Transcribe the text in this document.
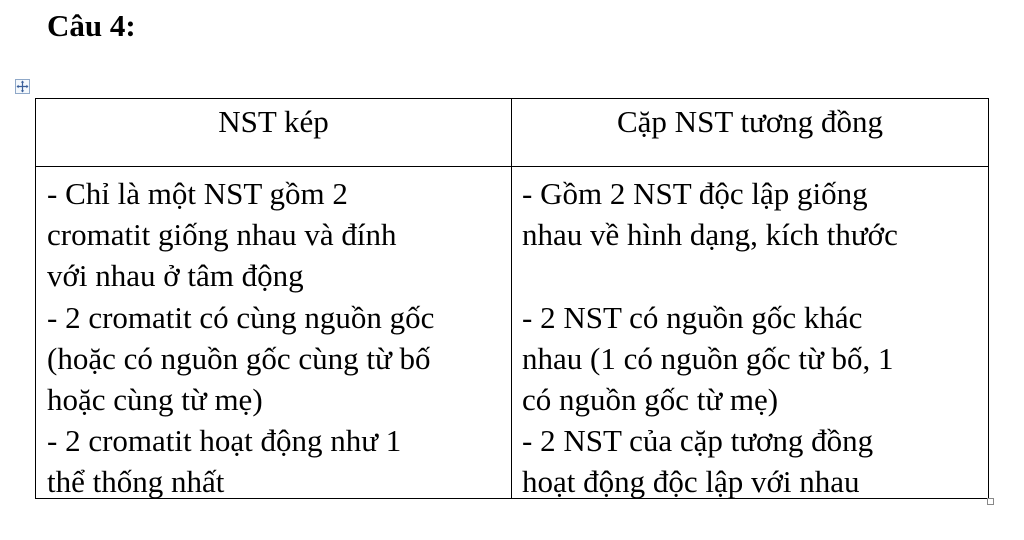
Câu 4:
NST kép	Cặp NST tương đồng
- Chỉ là một NST gồm 2
cromatit giống nhau và đính
với nhau ở tâm động
- 2 cromatit có cùng nguồn gốc
(hoặc có nguồn gốc cùng từ bố
hoặc cùng từ mẹ)
- 2 cromatit hoạt động như 1
thể thống nhất
- Gồm 2 NST độc lập giống
nhau về hình dạng, kích thước
- 2 NST có nguồn gốc khác
nhau (1 có nguồn gốc từ bố, 1
có nguồn gốc từ mẹ)
- 2 NST của cặp tương đồng
hoạt động độc lập với nhau
